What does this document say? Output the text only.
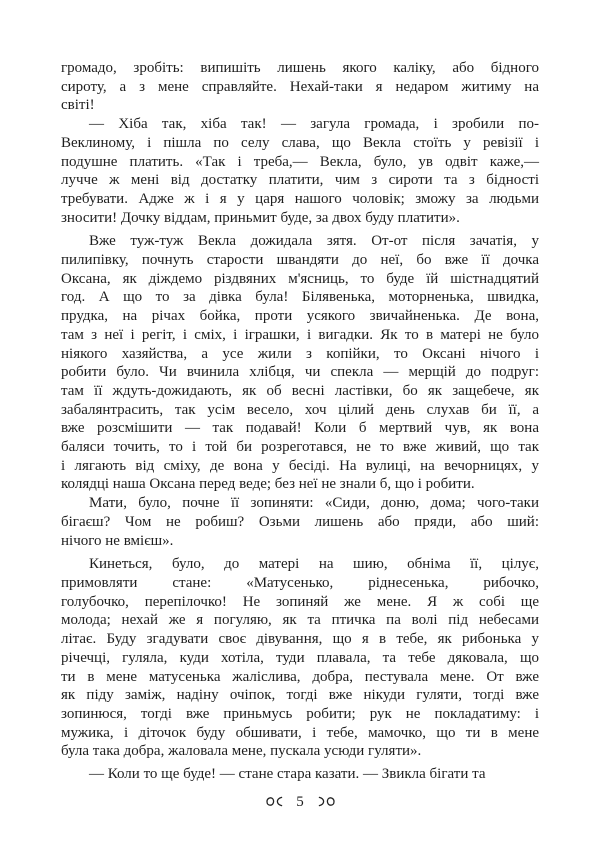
громадо, зробіть: випишіть лишень якого каліку, або бідного
сироту, а з мене справляйте. Нехай-таки я недаром житиму на
світі!
— Хіба так, хіба так! — загула громада, і зробили по-
Веклиному, і пішла по селу слава, що Векла стоїть у ревізії і
подушне платить. «Так і треба,— Векла, було, ув одвіт каже,—
лучче ж мені від достатку платити, чим з сироти та з бідності
требувати. Адже ж і я у царя нашого чоловік; зможу за людьми
зносити! Дочку віддам, приньмит буде, за двох буду платити».
Вже туж-туж Векла дожидала зятя. От-от після зачатія, у
пилипівку, почнуть старости швандяти до неї, бо вже її дочка
Оксана, як діждемо різдвяних м'ясниць, то буде їй шістнадцятий
год. А що то за дівка була! Білявенька, моторненька, швидка,
прудка, на річах бойка, проти усякого звичайненька. Де вона,
там з неї і регіт, і сміх, і іграшки, і вигадки. Як то в матері не було
ніякого хазяйства, а усе жили з копійки, то Оксані нічого і
робити було. Чи вчинила хлібця, чи спекла — мерщій до подруг:
там її ждуть-дожидають, як об весні ластівки, бо як защебече, як
забалянтрасить, так усім весело, хоч цілий день слухав би її, а
вже розсмішити — так подавай! Коли б мертвий чув, як вона
баляси точить, то і той би розреготався, не то вже живий, що так
і лягають від сміху, де вона у бесіді. На вулиці, на вечорницях, у
колядці наша Оксана перед веде; без неї не знали б, що і робити.
Мати, було, почне її зопиняти: «Сиди, доню, дома; чого-таки
бігаєш? Чом не робиш? Озьми лишень або пряди, або ший:
нічого не вмієш».
Кинеться, було, до матері на шию, обніма її, цілує,
примовляти стане: «Матусенько, ріднесенька, рибочко,
голубочко, перепілочко! Не зопиняй же мене. Я ж собі ще
молода; нехай же я погуляю, як та птичка па волі під небесами
літає. Буду згадувати своє дівування, що я в тебе, як рибонька у
річечці, гуляла, куди хотіла, туди плавала, та тебе дяковала, що
ти в мене матусенька жаліслива, добра, пестувала мене. От вже
як піду заміж, надіну очіпок, тогді вже нікуди гуляти, тогді вже
зопинюся, тогді вже приньмусь робити; рук не покладатиму: і
мужика, і діточок буду обшивати, і тебе, мамочко, що ти в мене
була така добра, жаловала мене, пускала усюди гуляти».
— Коли то ще буде! — стане стара казати. — Звикла бігати та
5
